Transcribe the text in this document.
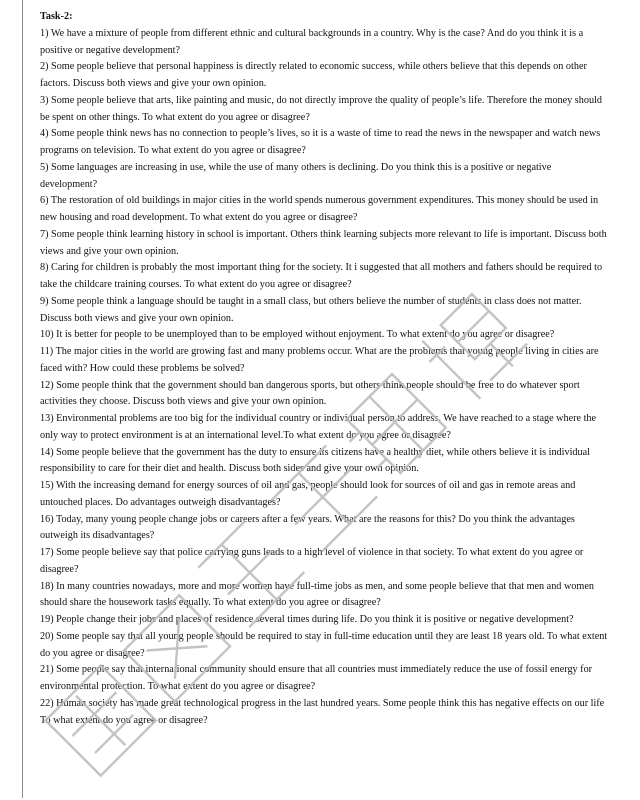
Task-2:

1) We have a mixture of people from different ethnic and cultural backgrounds in a country. Why is the case? And do you think it is a positive or negative development?

2) Some people believe that personal happiness is directly related to economic success, while others believe that this depends on other factors. Discuss both views and give your own opinion.

3) Some people believe that arts, like painting and music, do not directly improve the quality of people’s life. Therefore the money should be spent on other things. To what extent do you agree or disagree?

4) Some people think news has no connection to people’s lives, so it is a waste of time to read the news in the newspaper and watch news programs on television. To what extent do you agree or disagree?

5) Some languages are increasing in use, while the use of many others is declining. Do you think this is a positive or negative development?

6) The restoration of old buildings in major cities in the world spends numerous government expenditures. This money should be used in new housing and road development. To what extent do you agree or disagree?

7) Some people think learning history in school is important. Others think learning subjects more relevant to life is important. Discuss both views and give your own opinion.

8) Caring for children is probably the most important thing for the society. It i suggested that all mothers and fathers should be required to take the childcare training courses. To what extent do you agree or disagree?

9) Some people think a language should be taught in a small class, but others believe the number of students in class does not matter. Discuss both views and give your own opinion.

10) It is better for people to be unemployed than to be employed without enjoyment. To what extent do you agree or disagree?

11) The major cities in the world are growing fast and many problems occur. What are the problems that young people living in cities are faced with? How could these problems be solved?

12) Some people think that the government should ban dangerous sports, but others think people should be free to do whatever sport activities they choose. Discuss both views and give your own opinion.

13) Environmental problems are too big for the individual country or individual person to address. We have reached to a stage where the only way to protect environment is at an international level.To what extent do you agree or disagree?

14) Some people believe that the government has the duty to ensure its citizens have a healthy diet, while others believe it is individual responsibility to care for their diet and health. Discuss both sides and give your own opinion.

15) With the increasing demand for energy sources of oil and gas, people should look for sources of oil and gas in remote areas and untouched places. Do advantages outweigh disadvantages?

16) Today, many young people change jobs or careers after a few years. What are the reasons for this? Do you think the advantages outweigh its disadvantages?

17) Some people believe say that police carrying guns leads to a high level of violence in that society. To what extent do you agree or disagree?

18) In many countries nowadays, more and more women have full-time jobs as men, and some people believe that that men and women should share the housework tasks equally. To what extent do you agree or disagree?

19) People change their jobs and places of residence several times during life. Do you think it is positive or negative development?

20) Some people say that all young people should be required to stay in full-time education until they are least 18 years old. To what extent do you agree or disagree?

21) Some people say that international community should ensure that all countries must immediately reduce the use of fossil energy for environmental protection. To what extent do you agree or disagree?

22) Human society has made great technological progress in the last hundred years. Some people think this has negative effects on our life To what extent do you agree or disagree?
